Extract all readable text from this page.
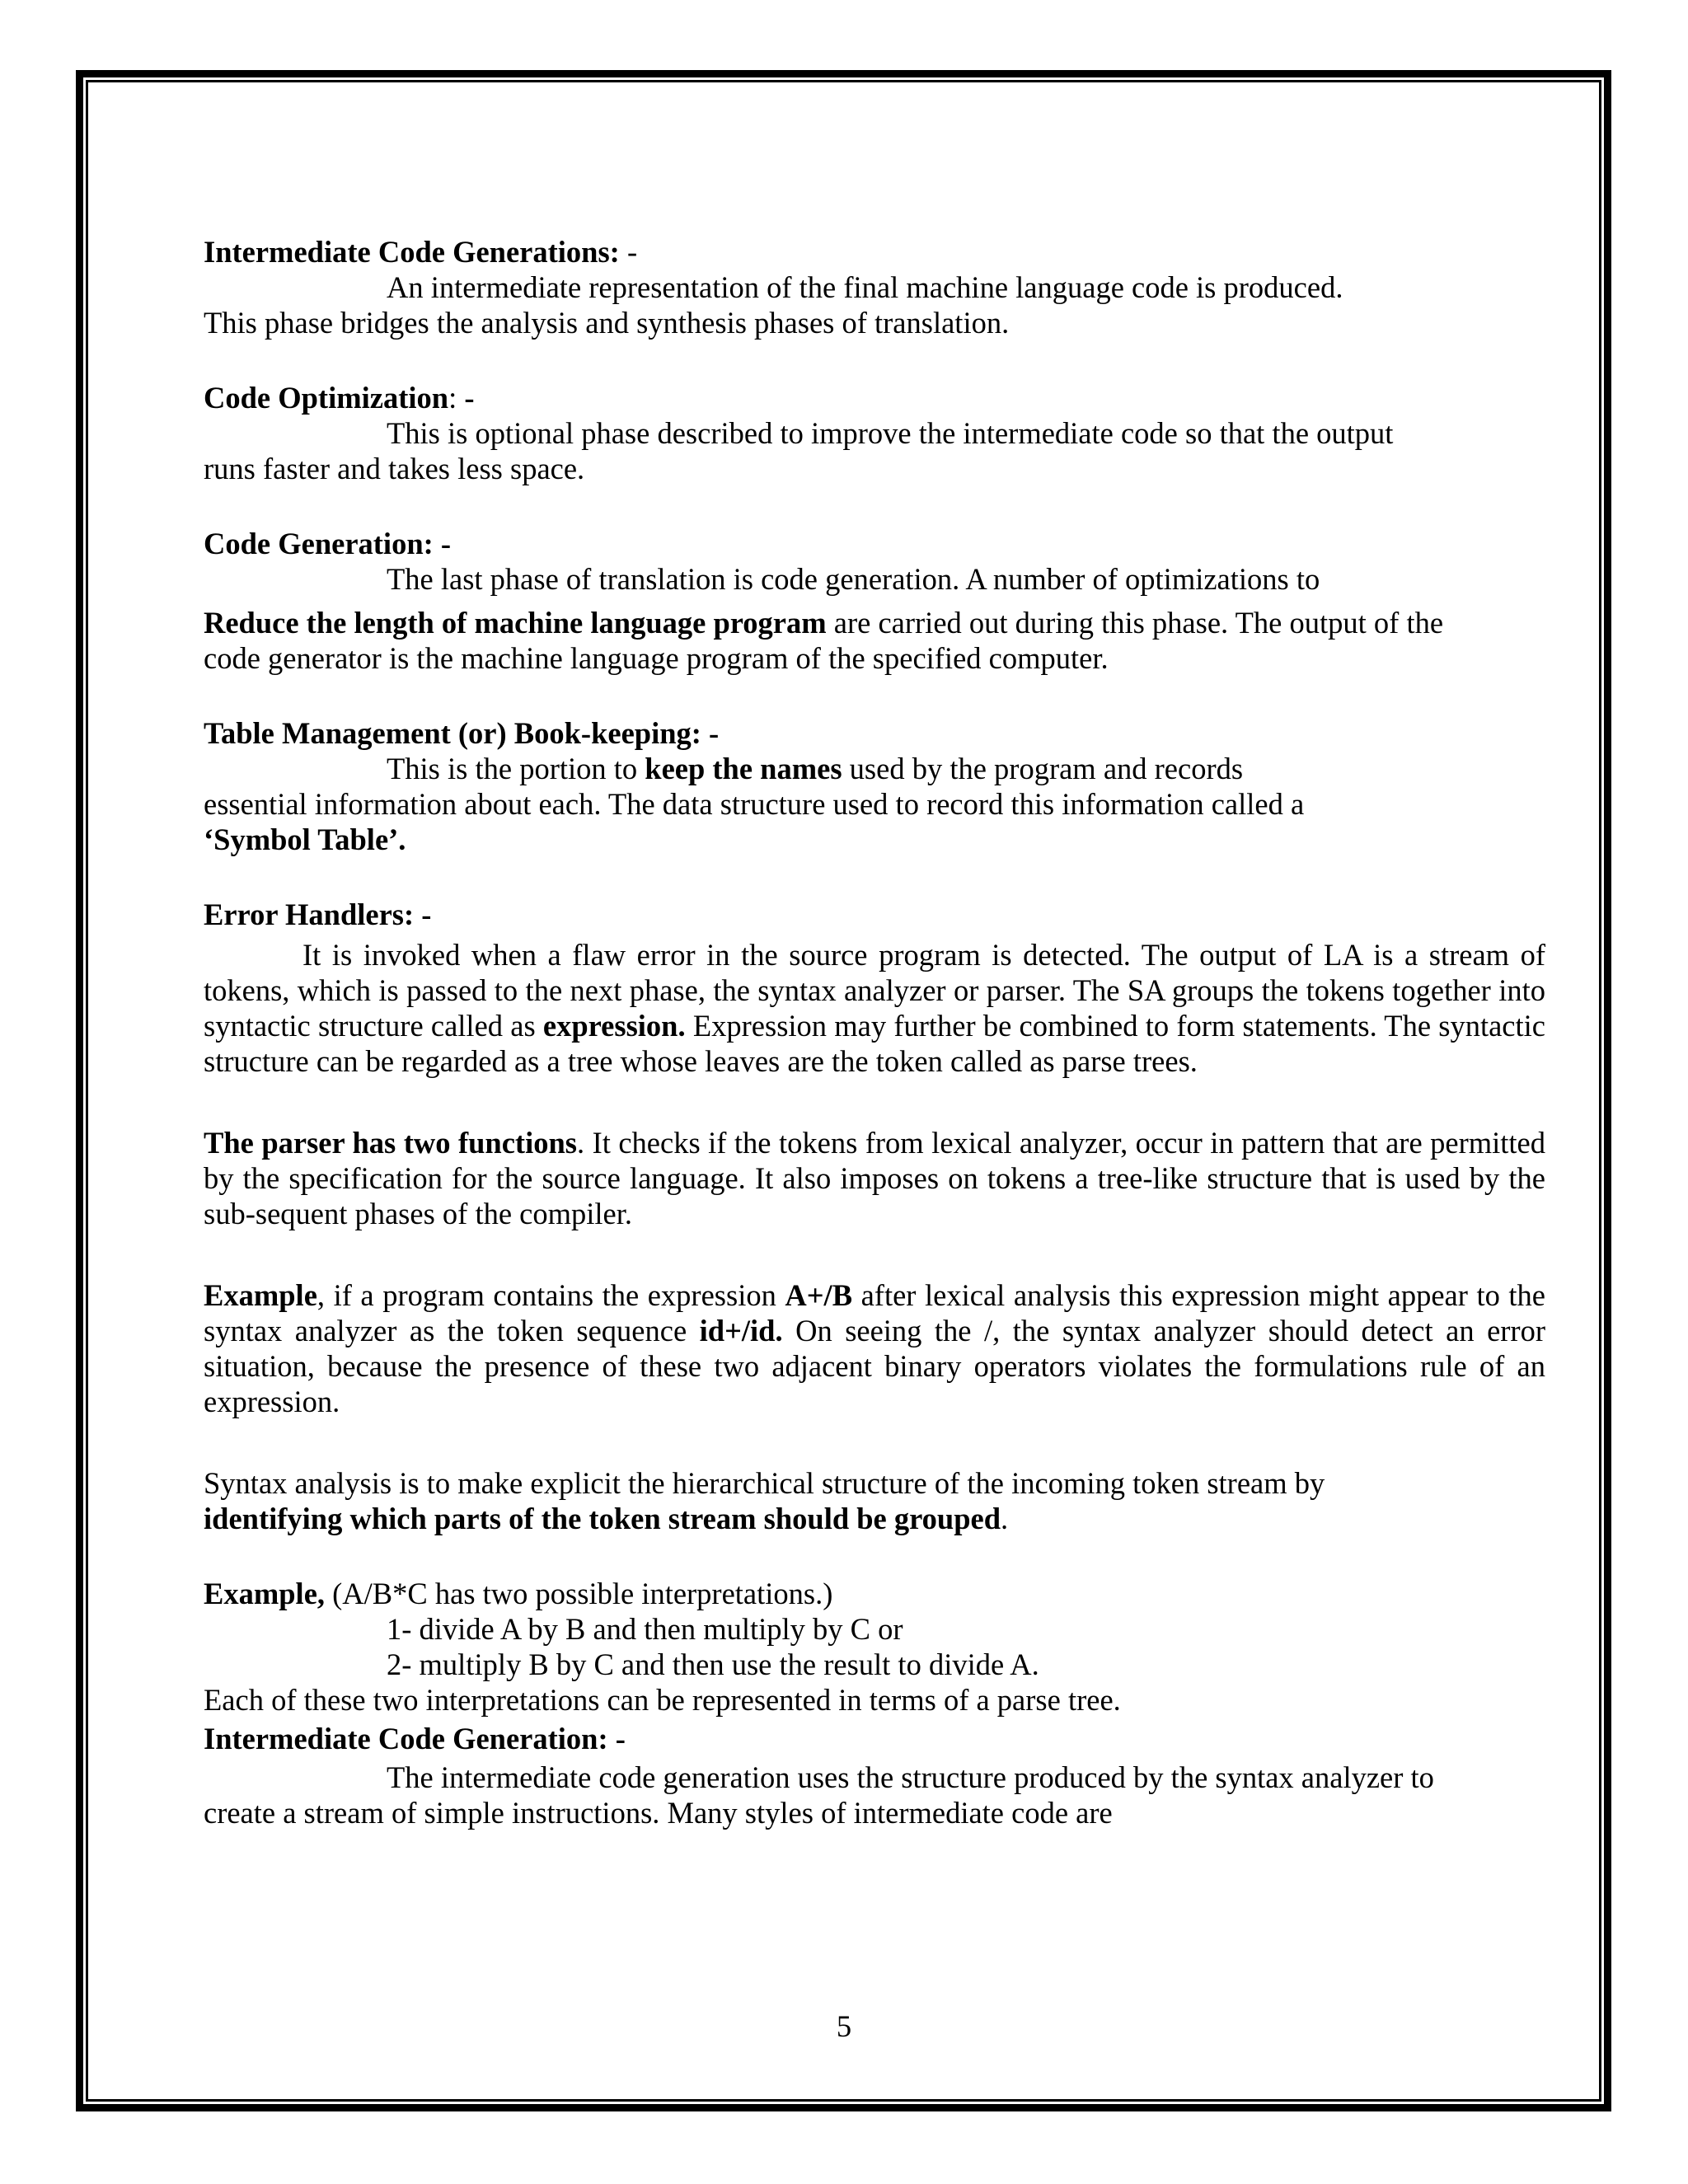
Intermediate Code Generations: -

An intermediate representation of the final machine language code is produced.

This phase bridges the analysis and synthesis phases of translation.

Code Optimization: -

This is optional phase described to improve the intermediate code so that the output

runs faster and takes less space.

Code Generation: -

The last phase of translation is code generation. A number of optimizations to

Reduce the length of machine language program are carried out during this phase. The output of the code generator is the machine language program of the specified computer.

Table Management (or) Book-keeping: -

This is the portion to keep the names used by the program and records

essential information about each. The data structure used to record this information called a

‘Symbol Table’.

Error Handlers: -

It is invoked when a flaw error in the source program is detected. The output of LA is a stream of tokens, which is passed to the next phase, the syntax analyzer or parser. The SA groups the tokens together into syntactic structure called as expression. Expression may further be combined to form statements. The syntactic structure can be regarded as a tree whose leaves are the token called as parse trees.

The parser has two functions. It checks if the tokens from lexical analyzer, occur in pattern that are permitted by the specification for the source language. It also imposes on tokens a tree-like structure that is used by the sub-sequent phases of the compiler.

Example, if a program contains the expression A+/B after lexical analysis this expression might appear to the syntax analyzer as the token sequence id+/id. On seeing the /, the syntax analyzer should detect an error situation, because the presence of these two adjacent binary operators violates the formulations rule of an expression.

Syntax analysis is to make explicit the hierarchical structure of the incoming token stream by

identifying which parts of the token stream should be grouped.

Example, (A/B*C has two possible interpretations.)

1- divide A by B and then multiply by C or

2- multiply B by C and then use the result to divide A.

Each of these two interpretations can be represented in terms of a parse tree.

Intermediate Code Generation: -

The intermediate code generation uses the structure produced by the syntax analyzer to

create a stream of simple instructions. Many styles of intermediate code are

5
